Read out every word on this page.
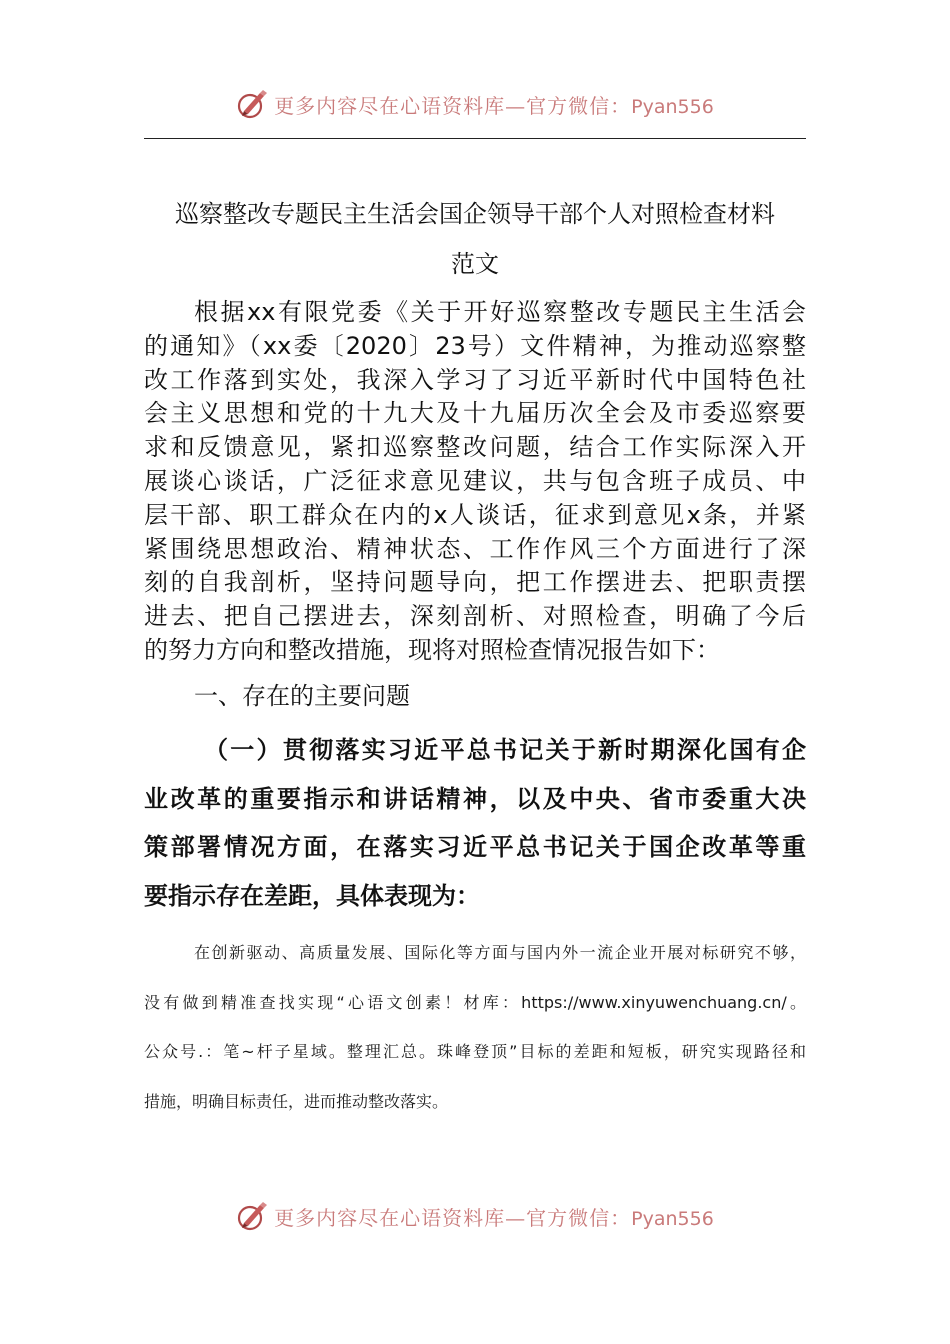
更多内容尽在心语资料库—官方微信：Pyan556
巡察整改专题民主生活会国企领导干部个人对照检查材料
范文
根据xx有限党委《关于开好巡察整改专题民主生活会
的通知》（xx委〔2020〕23号）文件精神，为推动巡察整
改工作落到实处，我深入学习了习近平新时代中国特色社
会主义思想和党的十九大及十九届历次全会及市委巡察要
求和反馈意见，紧扣巡察整改问题，结合工作实际深入开
展谈心谈话，广泛征求意见建议，共与包含班子成员、中
层干部、职工群众在内的x人谈话，征求到意见x条，并紧
紧围绕思想政治、精神状态、工作作风三个方面进行了深
刻的自我剖析，坚持问题导向，把工作摆进去、把职责摆
进去、把自己摆进去，深刻剖析、对照检查，明确了今后
的努力方向和整改措施，现将对照检查情况报告如下：
一、存在的主要问题
（一）贯彻落实习近平总书记关于新时期深化国有企
业改革的重要指示和讲话精神，以及中央、省市委重大决
策部署情况方面，在落实习近平总书记关于国企改革等重
要指示存在差距，具体表现为：
在创新驱动、高质量发展、国际化等方面与国内外一流企业开展对标研究不够，
没有做到精准查找实现“心语文创素！材库：https://www.xinyuwenchuang.cn/。
公众号.：笔~杆子星域。整理汇总。珠峰登顶”目标的差距和短板，研究实现路径和
措施，明确目标责任，进而推动整改落实。
更多内容尽在心语资料库—官方微信：Pyan556
